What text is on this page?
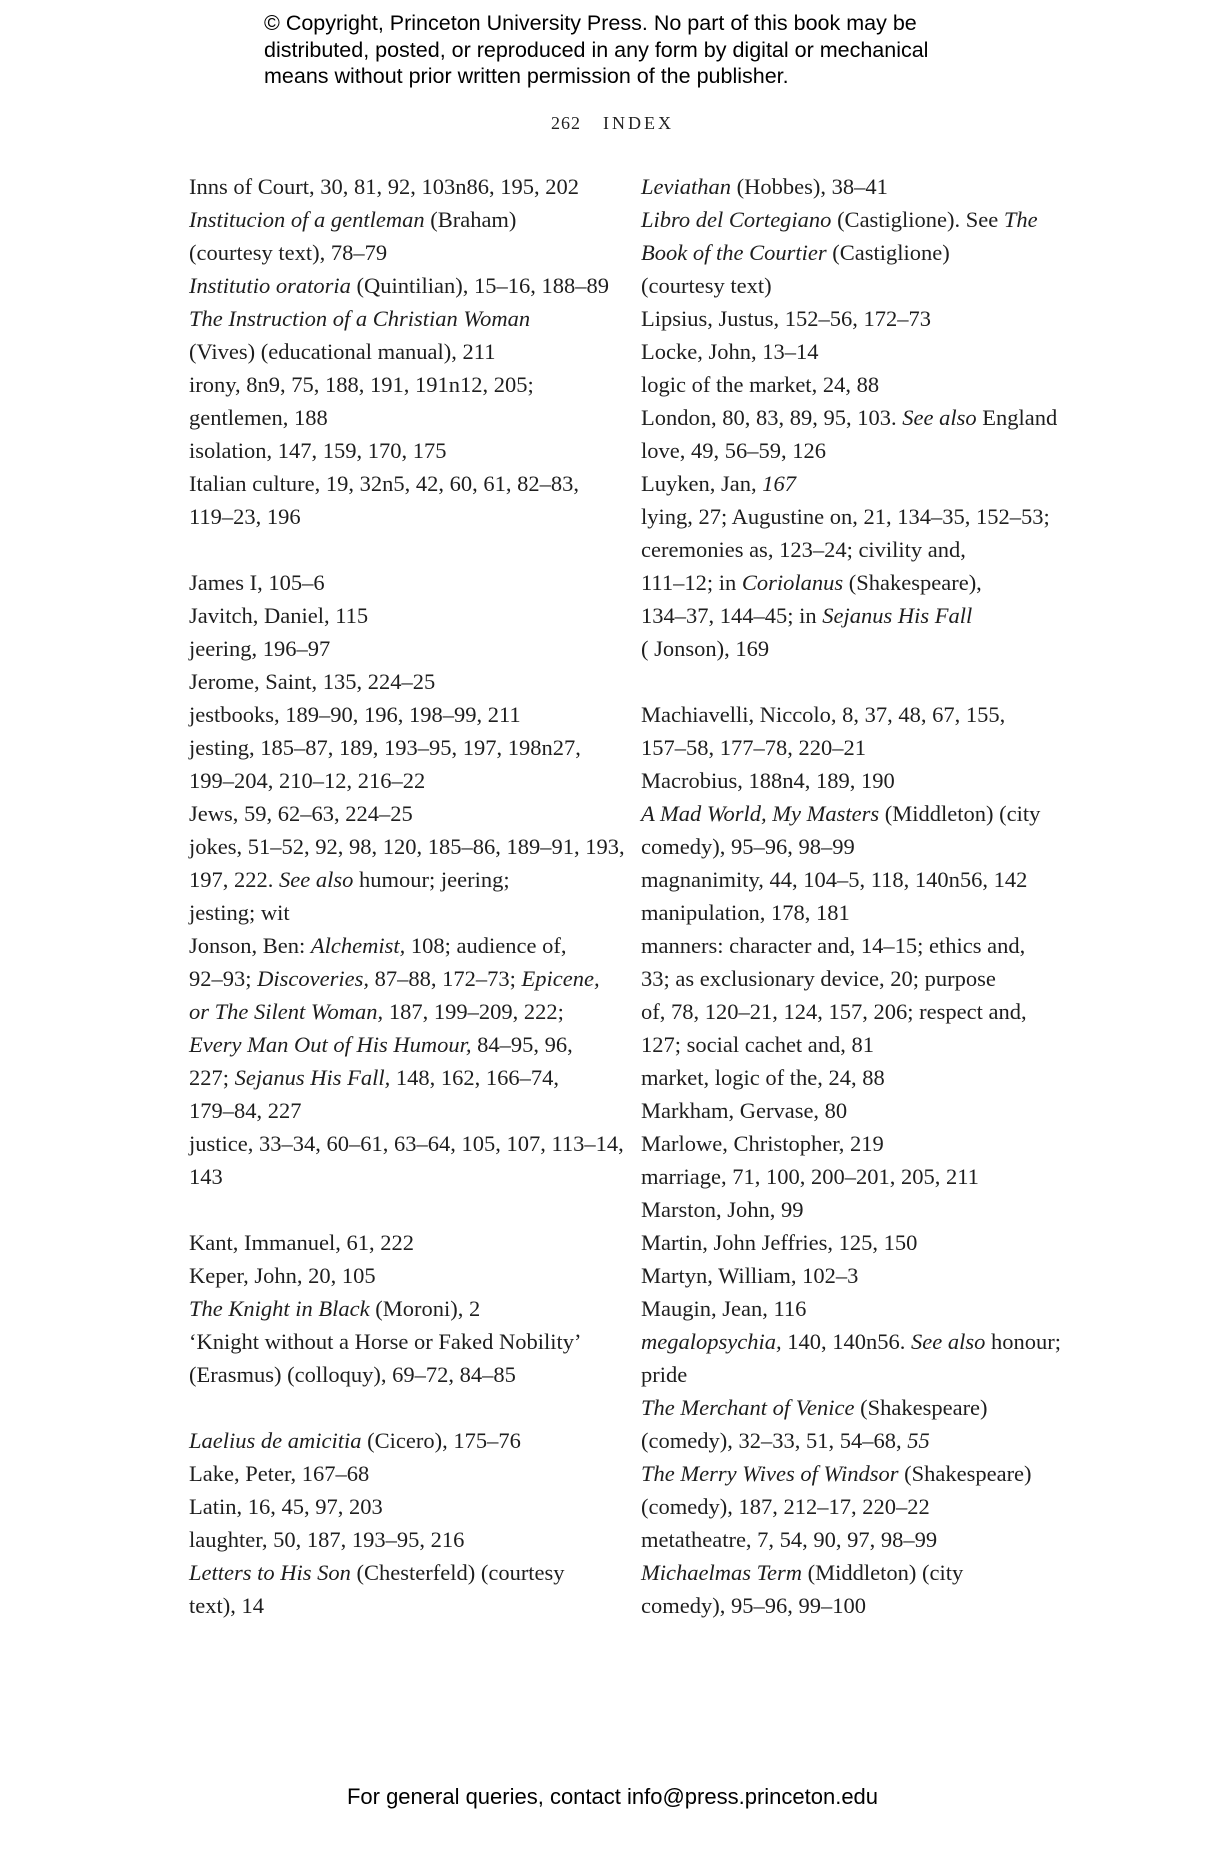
© Copyright, Princeton University Press. No part of this book may be
distributed, posted, or reproduced in any form by digital or mechanical
means without prior written permission of the publisher.
262 INDEX
Inns of Court, 30, 81, 92, 103n86, 195, 202
Institucion of a gentleman (Braham)
(courtesy text), 78–79
Institutio oratoria (Quintilian), 15–16, 188–89
The Instruction of a Christian Woman
(Vives) (educational manual), 211
irony, 8n9, 75, 188, 191, 191n12, 205;
gentlemen, 188
isolation, 147, 159, 170, 175
Italian culture, 19, 32n5, 42, 60, 61, 82–83,
119–23, 196
James I, 105–6
Javitch, Daniel, 115
jeering, 196–97
Jerome, Saint, 135, 224–25
jestbooks, 189–90, 196, 198–99, 211
jesting, 185–87, 189, 193–95, 197, 198n27,
199–204, 210–12, 216–22
Jews, 59, 62–63, 224–25
jokes, 51–52, 92, 98, 120, 185–86, 189–91, 193,
197, 222. See also humour; jeering;
jesting; wit
Jonson, Ben: Alchemist, 108; audience of,
92–93; Discoveries, 87–88, 172–73; Epicene,
or The Silent Woman, 187, 199–209, 222;
Every Man Out of His Humour, 84–95, 96,
227; Sejanus His Fall, 148, 162, 166–74,
179–84, 227
justice, 33–34, 60–61, 63–64, 105, 107, 113–14,
143
Kant, Immanuel, 61, 222
Keper, John, 20, 105
The Knight in Black (Moroni), 2
‘Knight without a Horse or Faked Nobility’
(Erasmus) (colloquy), 69–72, 84–85
Laelius de amicitia (Cicero), 175–76
Lake, Peter, 167–68
Latin, 16, 45, 97, 203
laughter, 50, 187, 193–95, 216
Letters to His Son (Chesterfeld) (courtesy
text), 14
Leviathan (Hobbes), 38–41
Libro del Cortegiano (Castiglione). See The
Book of the Courtier (Castiglione)
(courtesy text)
Lipsius, Justus, 152–56, 172–73
Locke, John, 13–14
logic of the market, 24, 88
London, 80, 83, 89, 95, 103. See also England
love, 49, 56–59, 126
Luyken, Jan, 167
lying, 27; Augustine on, 21, 134–35, 152–53;
ceremonies as, 123–24; civility and,
111–12; in Coriolanus (Shakespeare),
134–37, 144–45; in Sejanus His Fall
( Jonson), 169
Machiavelli, Niccolo, 8, 37, 48, 67, 155,
157–58, 177–78, 220–21
Macrobius, 188n4, 189, 190
A Mad World, My Masters (Middleton) (city
comedy), 95–96, 98–99
magnanimity, 44, 104–5, 118, 140n56, 142
manipulation, 178, 181
manners: character and, 14–15; ethics and,
33; as exclusionary device, 20; purpose
of, 78, 120–21, 124, 157, 206; respect and,
127; social cachet and, 81
market, logic of the, 24, 88
Markham, Gervase, 80
Marlowe, Christopher, 219
marriage, 71, 100, 200–201, 205, 211
Marston, John, 99
Martin, John Jeffries, 125, 150
Martyn, William, 102–3
Maugin, Jean, 116
megalopsychia, 140, 140n56. See also honour;
pride
The Merchant of Venice (Shakespeare)
(comedy), 32–33, 51, 54–68, 55
The Merry Wives of Windsor (Shakespeare)
(comedy), 187, 212–17, 220–22
metatheatre, 7, 54, 90, 97, 98–99
Michaelmas Term (Middleton) (city
comedy), 95–96, 99–100
For general queries, contact info@press.princeton.edu
